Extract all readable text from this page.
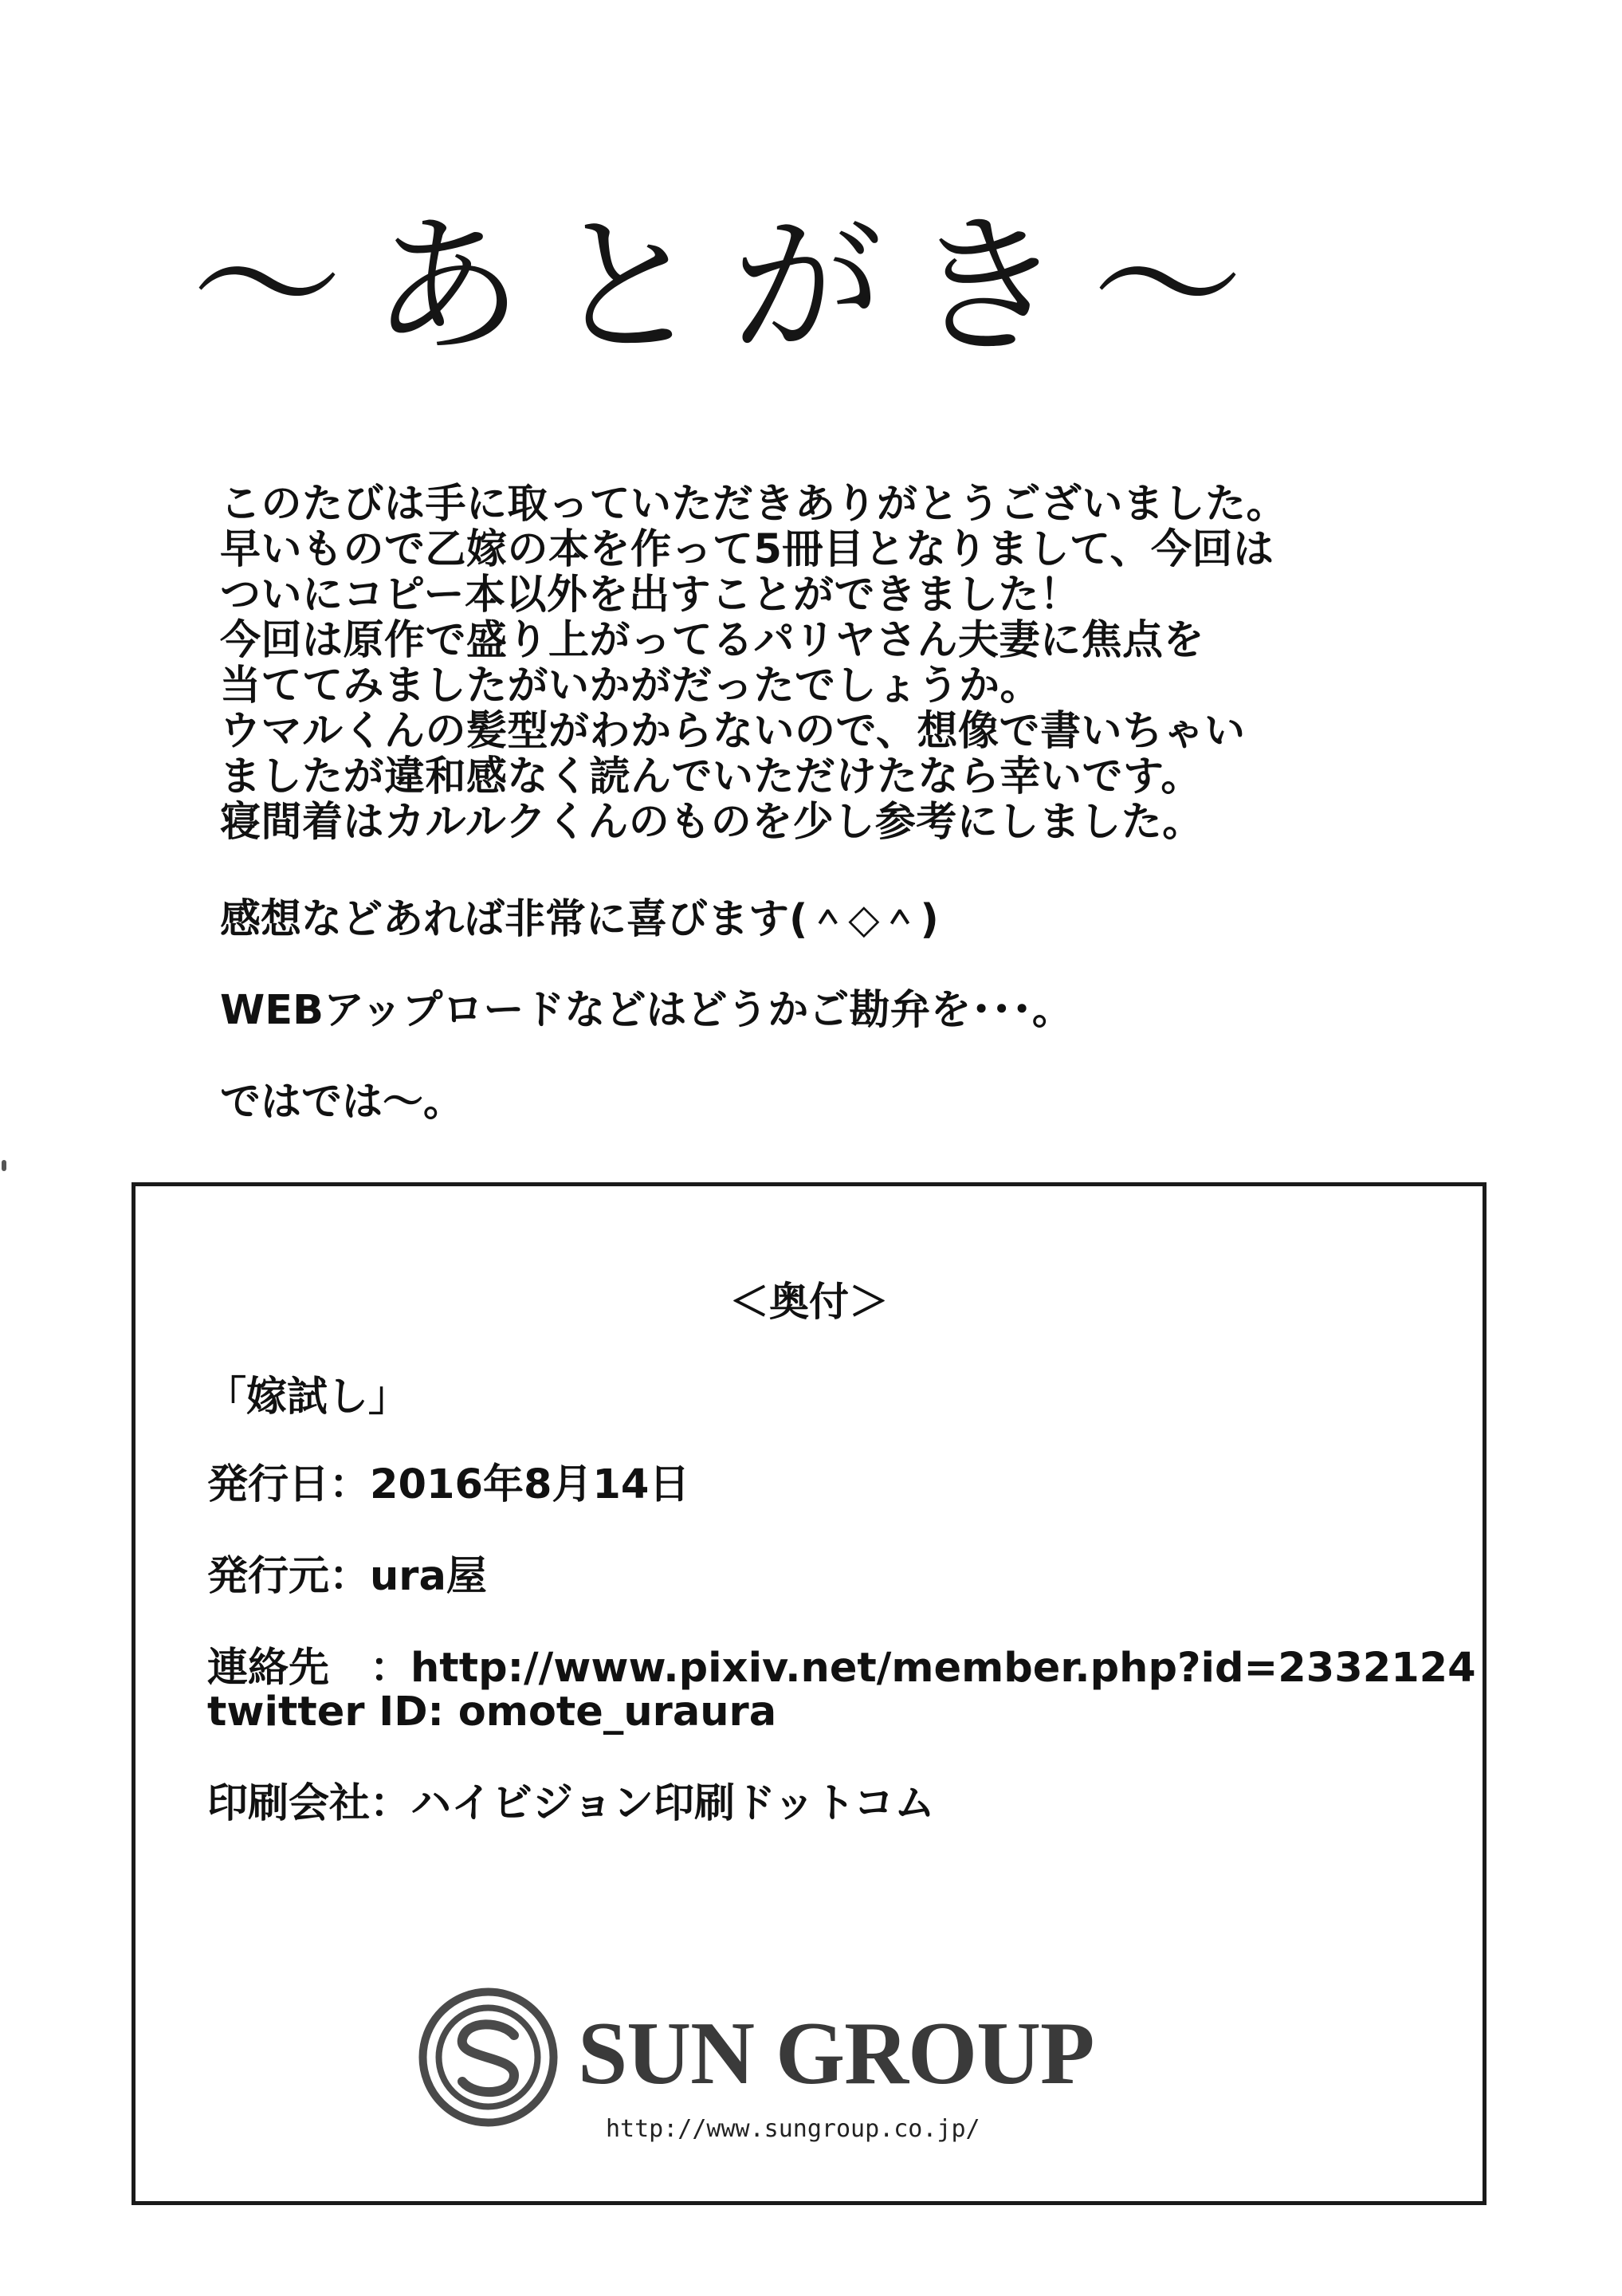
〜あとがき〜
このたびは手に取っていただきありがとうございました。
早いもので乙嫁の本を作って5冊目となりまして、今回は
ついにコピー本以外を出すことができました！
今回は原作で盛り上がってるパリヤさん夫妻に焦点を
当ててみましたがいかがだったでしょうか。
ウマルくんの髪型がわからないので、想像で書いちゃい
ましたが違和感なく読んでいただけたなら幸いです。
寝間着はカルルクくんのものを少し参考にしました。
感想などあれば非常に喜びます(＾◇＾)
WEBアップロードなどはどうかご勘弁を･･･。
ではでは〜。
＜奥付＞
「嫁試し」
発行日：2016年8月14日
発行元：ura屋
連絡先　：http://www.pixiv.net/member.php?id=2332124
twitter ID: omote_uraura
印刷会社：ハイビジョン印刷ドットコム
SUN GROUP
http://www.sungroup.co.jp/
